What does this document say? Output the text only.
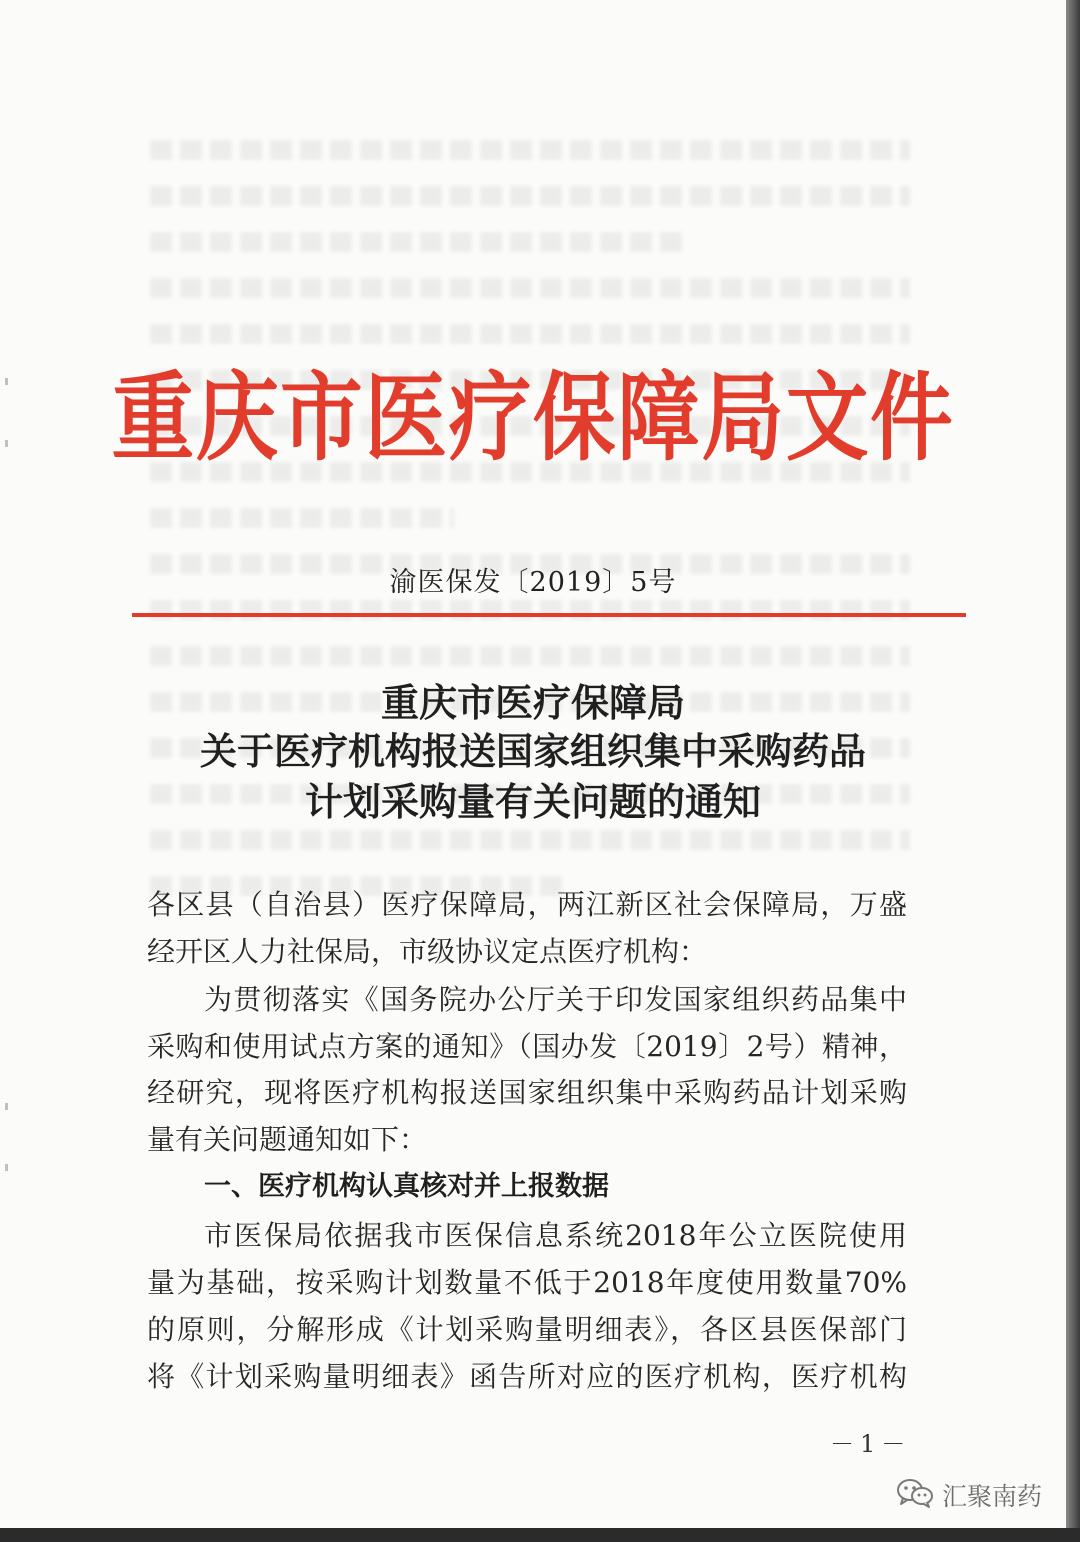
重庆市医疗保障局文件
渝医保发〔2019〕5号
重庆市医疗保障局
关于医疗机构报送国家组织集中采购药品
计划采购量有关问题的通知
各区县（自治县）医疗保障局，两江新区社会保障局，万盛
经开区人力社保局，市级协议定点医疗机构：
为贯彻落实《国务院办公厅关于印发国家组织药品集中
采购和使用试点方案的通知》（国办发〔2019〕2号）精神，
经研究，现将医疗机构报送国家组织集中采购药品计划采购
量有关问题通知如下：
一、医疗机构认真核对并上报数据
市医保局依据我市医保信息系统2018年公立医院使用
量为基础，按采购计划数量不低于2018年度使用数量70%
的原则，分解形成《计划采购量明细表》，各区县医保部门
将《计划采购量明细表》函告所对应的医疗机构，医疗机构
－1－
汇聚南药
